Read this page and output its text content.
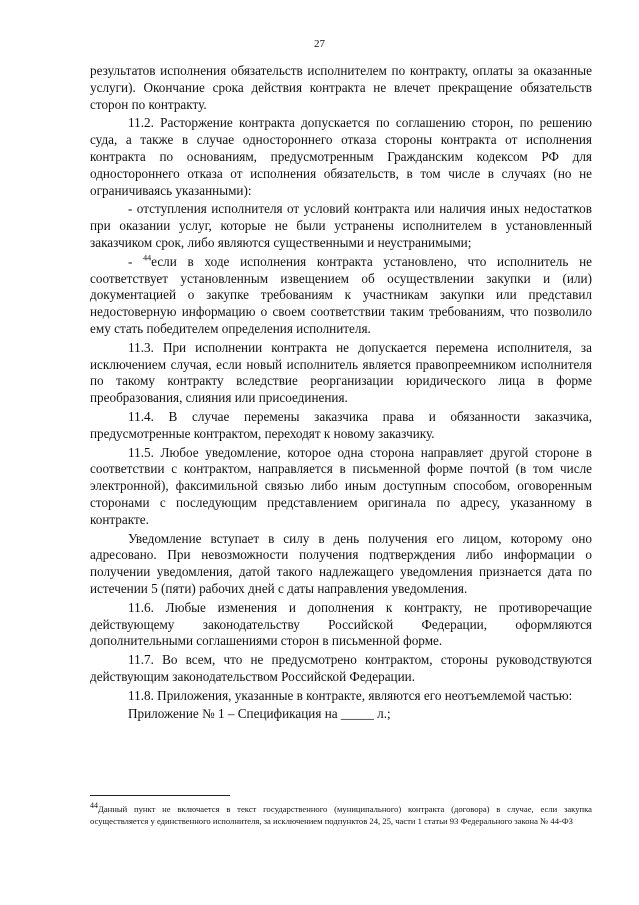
27

результатов исполнения обязательств исполнителем по контракту, оплаты за оказанные услуги). Окончание срока действия контракта не влечет прекращение обязательств сторон по контракту.

11.2. Расторжение контракта допускается по соглашению сторон, по решению суда, а также в случае одностороннего отказа стороны контракта от исполнения контракта по основаниям, предусмотренным Гражданским кодексом РФ для одностороннего отказа от исполнения обязательств, в том числе в случаях (но не ограничиваясь указанными):

- отступления исполнителя от условий контракта или наличия иных недостатков при оказании услуг, которые не были устранены исполнителем в установленный заказчиком срок, либо являются существенными и неустранимыми;

- $^{44}$если в ходе исполнения контракта установлено, что исполнитель не соответствует установленным извещением об осуществлении закупки и (или) документацией о закупке требованиям к участникам закупки или представил недостоверную информацию о своем соответствии таким требованиям, что позволило ему стать победителем определения исполнителя.

11.3. При исполнении контракта не допускается перемена исполнителя, за исключением случая, если новый исполнитель является правопреемником исполнителя по такому контракту вследствие реорганизации юридического лица в форме преобразования, слияния или присоединения.

11.4. В случае перемены заказчика права и обязанности заказчика, предусмотренные контрактом, переходят к новому заказчику.

11.5. Любое уведомление, которое одна сторона направляет другой стороне в соответствии с контрактом, направляется в письменной форме почтой (в том числе электронной), факсимильной связью либо иным доступным способом, оговоренным сторонами с последующим представлением оригинала по адресу, указанному в контракте.

Уведомление вступает в силу в день получения его лицом, которому оно адресовано. При невозможности получения подтверждения либо информации о получении уведомления, датой такого надлежащего уведомления признается дата по истечении 5 (пяти) рабочих дней с даты направления уведомления.

11.6. Любые изменения и дополнения к контракту, не противоречащие действующему законодательству Российской Федерации, оформляются дополнительными соглашениями сторон в письменной форме.

11.7. Во всем, что не предусмотрено контрактом, стороны руководствуются действующим законодательством Российской Федерации.

11.8. Приложения, указанные в контракте, являются его неотъемлемой частью:

Приложение № 1 – Спецификация на _____ л.;

$^{44}$Данный пункт не включается в текст государственного (муниципального) контракта (договора) в случае, если закупка осуществляется у единственного исполнителя, за исключением подпунктов 24, 25, части 1 статьи 93 Федерального закона № 44-ФЗ
